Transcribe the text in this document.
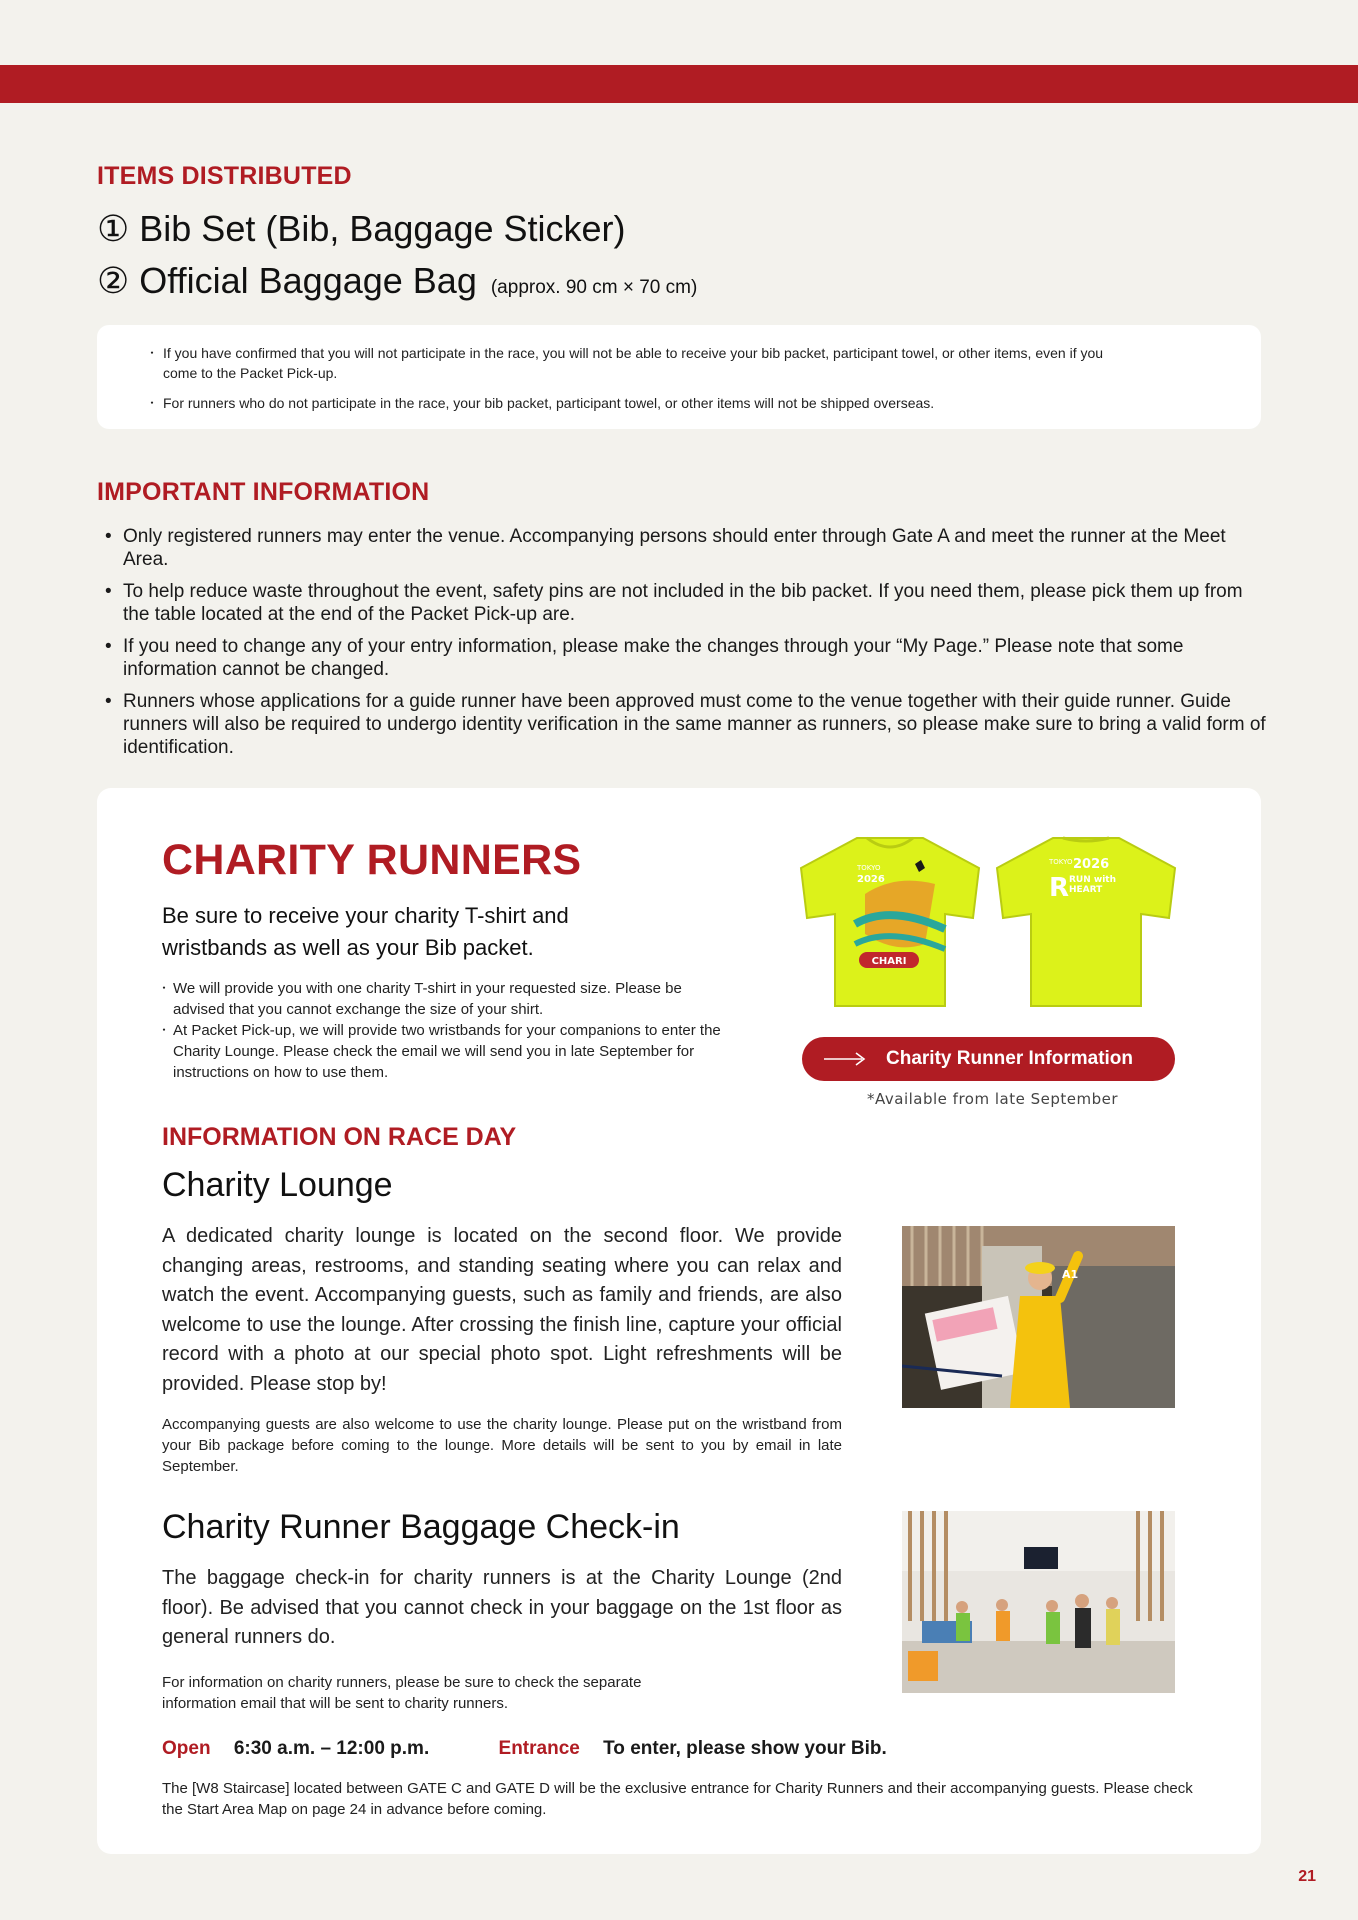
ITEMS DISTRIBUTED
① Bib Set (Bib, Baggage Sticker)
② Official Baggage Bag (approx. 90 cm × 70 cm)
・ If you have confirmed that you will not participate in the race, you will not be able to receive your bib packet, participant towel, or other items, even if you
come to the Packet Pick-up.
・ For runners who do not participate in the race, your bib packet, participant towel, or other items will not be shipped overseas.
IMPORTANT INFORMATION
• Only registered runners may enter the venue. Accompanying persons should enter through Gate A and meet the runner at the Meet Area.
• To help reduce waste throughout the event, safety pins are not included in the bib packet. If you need them, please pick them up from the table located at the end of the Packet Pick-up are.
• If you need to change any of your entry information, please make the changes through your “My Page.” Please note that some information cannot be changed.
• Runners whose applications for a guide runner have been approved must come to the venue together with their guide runner. Guide runners will also be required to undergo identity verification in the same manner as runners, so please make sure to bring a valid form of identification.
CHARITY RUNNERS
Be sure to receive your charity T-shirt and wristbands as well as your Bib packet.
・ We will provide you with one charity T-shirt in your requested size. Please be advised that you cannot exchange the size of your shirt.
・ At Packet Pick-up, we will provide two wristbands for your companions to enter the Charity Lounge. Please check the email we will send you in late September for instructions on how to use them.
CHARI
TOKYO
2026
TOKYO 2026
R RUN with
HEART
Charity Runner Information
*Available from late September
INFORMATION ON RACE DAY
Charity Lounge
A dedicated charity lounge is located on the second floor. We provide changing areas, restrooms, and standing seating where you can relax and watch the event. Accompanying guests, such as family and friends, are also welcome to use the lounge. After crossing the finish line, capture your official record with a photo at our special photo spot. Light refreshments will be provided. Please stop by!
Accompanying guests are also welcome to use the charity lounge. Please put on the wristband from your Bib package before coming to the lounge. More details will be sent to you by email in late September.
A1
Charity Runner Baggage Check-in
The baggage check-in for charity runners is at the Charity Lounge (2nd floor). Be advised that you cannot check in your baggage on the 1st floor as general runners do.
For information on charity runners, please be sure to check the separate
information email that will be sent to charity runners.
Open 6:30 a.m. – 12:00 p.m.	Entrance To enter, please show your Bib.
The [W8 Staircase] located between GATE C and GATE D will be the exclusive entrance for Charity Runners and their accompanying guests. Please check the Start Area Map on page 24 in advance before coming.
21
